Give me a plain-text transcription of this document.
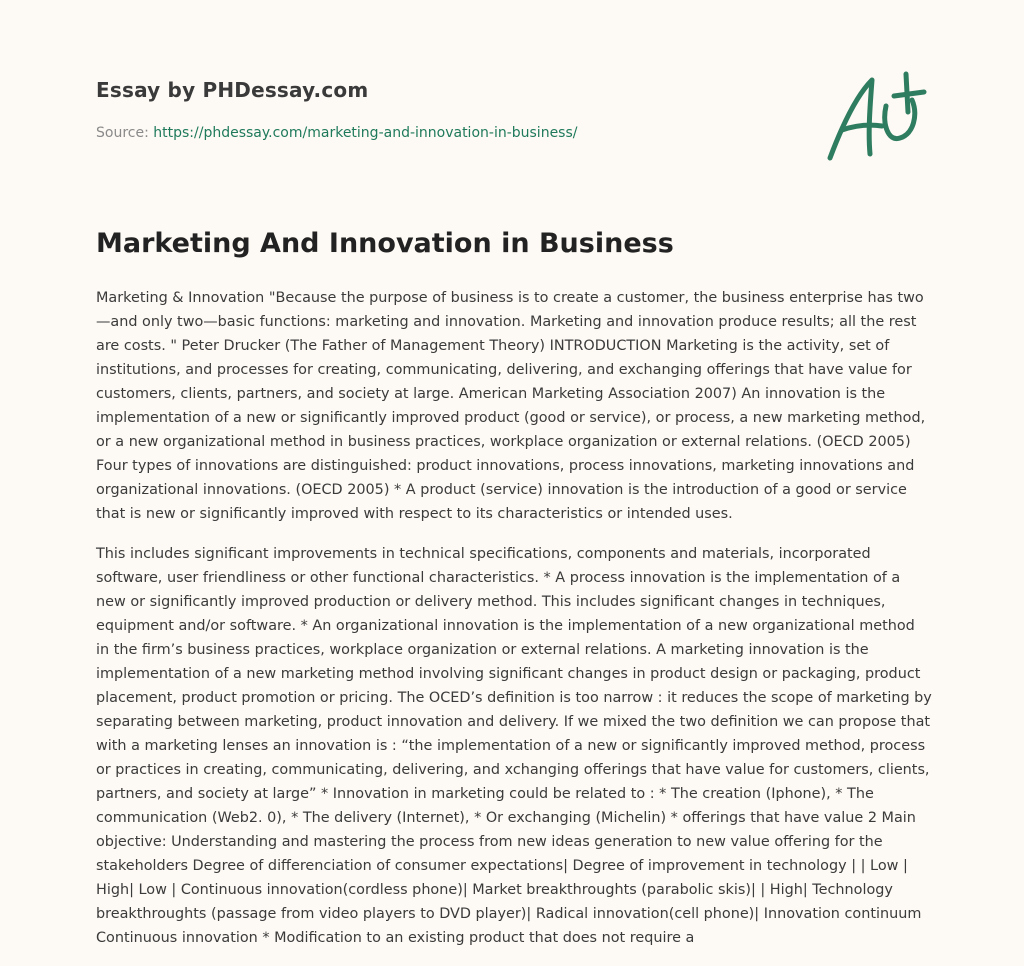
Essay by PHDessay.com

Source: https://phdessay.com/marketing-and-innovation-in-business/
Marketing And Innovation in Business

Marketing & Innovation "Because the purpose of business is to create a customer, the business enterprise has two—and only two—basic functions: marketing and innovation. Marketing and innovation produce results; all the rest are costs. " Peter Drucker (The Father of Management Theory) INTRODUCTION Marketing is the activity, set of institutions, and processes for creating, communicating, delivering, and exchanging offerings that have value for customers, clients, partners, and society at large. American Marketing Association 2007) An innovation is the implementation of a new or significantly improved product (good or service), or process, a new marketing method, or a new organizational method in business practices, workplace organization or external relations. (OECD 2005) Four types of innovations are distinguished: product innovations, process innovations, marketing innovations and organizational innovations. (OECD 2005) * A product (service) innovation is the introduction of a good or service that is new or significantly improved with respect to its characteristics or intended uses.

This includes significant improvements in technical specifications, components and materials, incorporated software, user friendliness or other functional characteristics. * A process innovation is the implementation of a new or significantly improved production or delivery method. This includes significant changes in techniques, equipment and/or software. * An organizational innovation is the implementation of a new organizational method in the firm’s business practices, workplace organization or external relations. A marketing innovation is the implementation of a new marketing method involving significant changes in product design or packaging, product placement, product promotion or pricing. The OCED’s definition is too narrow : it reduces the scope of marketing by separating between marketing, product innovation and delivery. If we mixed the two definition we can propose that with a marketing lenses an innovation is : “the implementation of a new or significantly improved method, process or practices in creating, communicating, delivering, and xchanging offerings that have value for customers, clients, partners, and society at large” * Innovation in marketing could be related to : * The creation (Iphone), * The communication (Web2. 0), * The delivery (Internet), * Or exchanging (Michelin) * offerings that have value 2 Main objective: Understanding and mastering the process from new ideas generation to new value offering for the stakeholders Degree of differenciation of consumer expectations| Degree of improvement in technology | | Low | High| Low | Continuous innovation(cordless phone)| Market breakthroughts (parabolic skis)| | High| Technology breakthroughts (passage from video players to DVD player)| Radical innovation(cell phone)| Innovation continuum Continuous innovation * Modification to an existing product that does not require a
